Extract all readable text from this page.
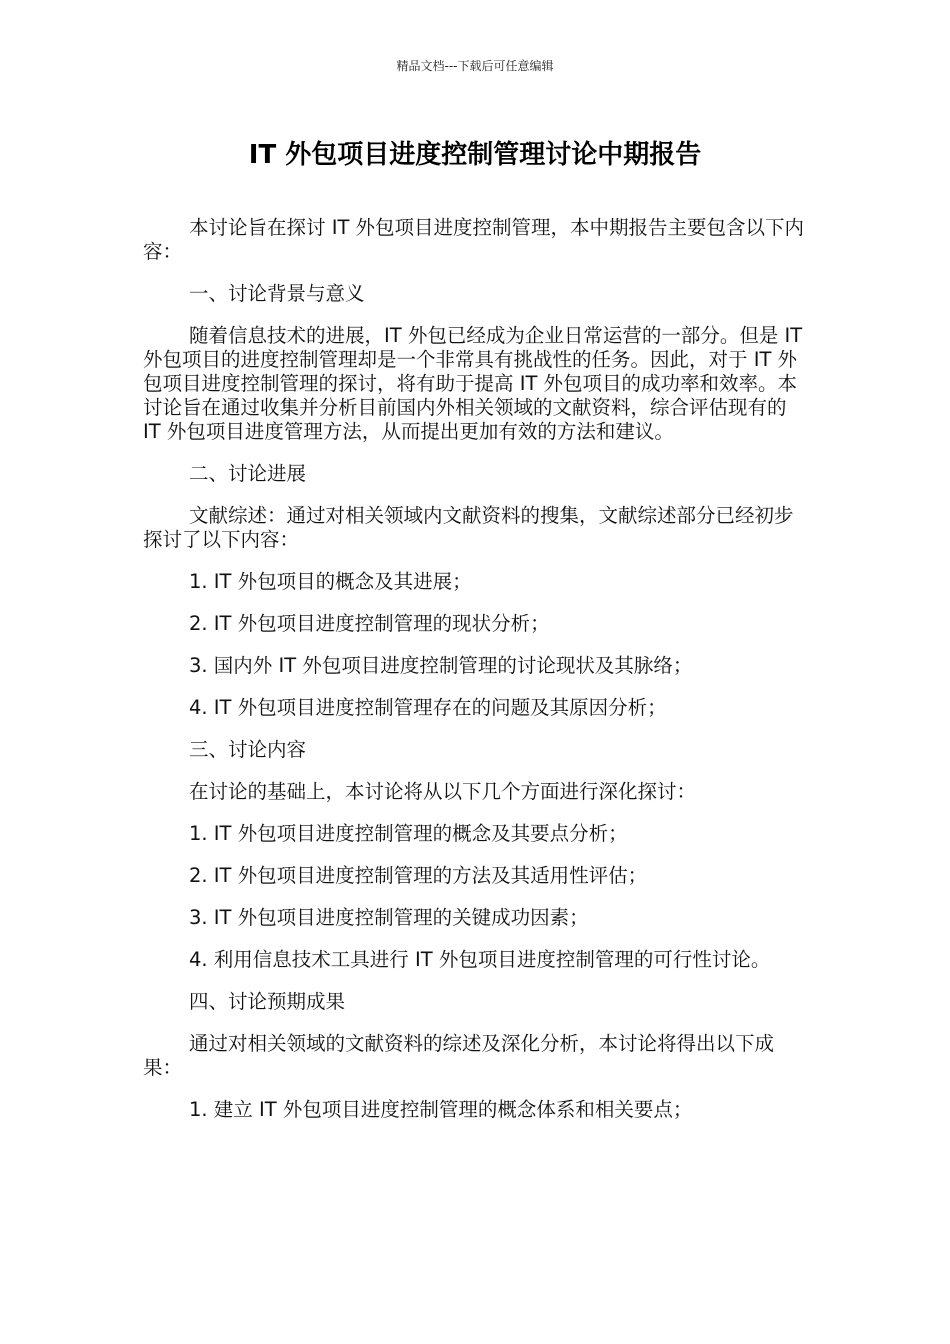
精品文档---下载后可任意编辑
IT 外包项目进度控制管理讨论中期报告

本讨论旨在探讨 IT 外包项目进度控制管理，本中期报告主要包含以下内容：

一、讨论背景与意义

随着信息技术的进展，IT 外包已经成为企业日常运营的一部分。但是 IT 外包项目的进度控制管理却是一个非常具有挑战性的任务。因此，对于 IT 外包项目进度控制管理的探讨，将有助于提高 IT 外包项目的成功率和效率。本讨论旨在通过收集并分析目前国内外相关领域的文献资料，综合评估现有的 IT 外包项目进度管理方法，从而提出更加有效的方法和建议。

二、讨论进展

文献综述：通过对相关领域内文献资料的搜集，文献综述部分已经初步探讨了以下内容：

1. IT 外包项目的概念及其进展；

2. IT 外包项目进度控制管理的现状分析；

3. 国内外 IT 外包项目进度控制管理的讨论现状及其脉络；

4. IT 外包项目进度控制管理存在的问题及其原因分析；

三、讨论内容

在讨论的基础上，本讨论将从以下几个方面进行深化探讨：

1. IT 外包项目进度控制管理的概念及其要点分析；

2. IT 外包项目进度控制管理的方法及其适用性评估；

3. IT 外包项目进度控制管理的关键成功因素；

4. 利用信息技术工具进行 IT 外包项目进度控制管理的可行性讨论。

四、讨论预期成果

通过对相关领域的文献资料的综述及深化分析，本讨论将得出以下成果：

1. 建立 IT 外包项目进度控制管理的概念体系和相关要点；
